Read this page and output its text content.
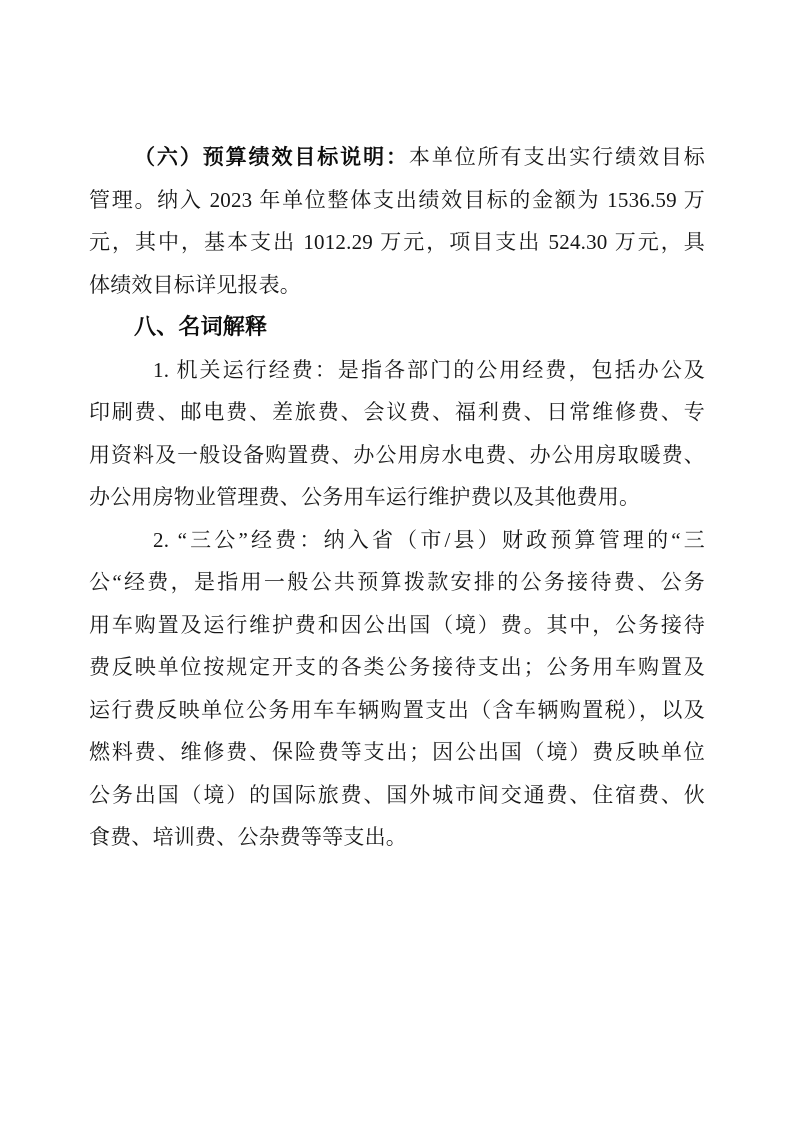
（六）预算绩效目标说明：本单位所有支出实行绩效目标
管理。纳入 2023 年单位整体支出绩效目标的金额为 1536.59 万
元，其中，基本支出 1012.29 万元，项目支出 524.30 万元，具
体绩效目标详见报表。
八、名词解释
1. 机关运行经费：是指各部门的公用经费，包括办公及
印刷费、邮电费、差旅费、会议费、福利费、日常维修费、专
用资料及一般设备购置费、办公用房水电费、办公用房取暖费、
办公用房物业管理费、公务用车运行维护费以及其他费用。
2. “三公”经费：纳入省（市/县）财政预算管理的“三
公“经费，是指用一般公共预算拨款安排的公务接待费、公务
用车购置及运行维护费和因公出国（境）费。其中，公务接待
费反映单位按规定开支的各类公务接待支出；公务用车购置及
运行费反映单位公务用车车辆购置支出（含车辆购置税），以及
燃料费、维修费、保险费等支出；因公出国（境）费反映单位
公务出国（境）的国际旅费、国外城市间交通费、住宿费、伙
食费、培训费、公杂费等等支出。
